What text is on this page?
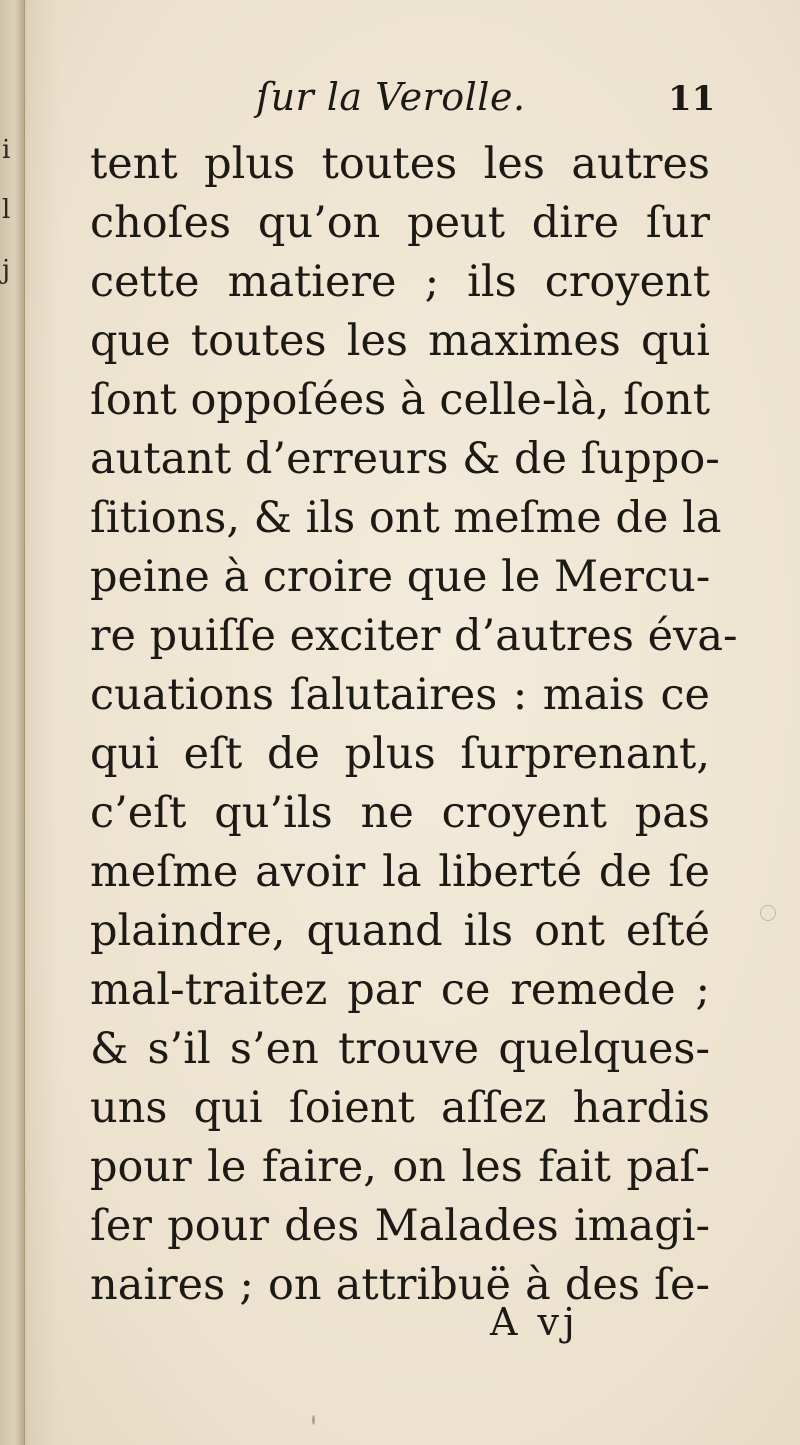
i
l
j
ſur la Verolle.	11
tent plus toutes les autres
choſes qu’on peut dire ſur
cette matiere ; ils croyent
que toutes les maximes qui
ſont oppoſées à celle-là, ſont
autant d’erreurs & de ſuppo-
ſitions, & ils ont meſme de la
peine à croire que le Mercu-
re puiſſe exciter d’autres éva-
cuations ſalutaires : mais ce
qui eſt de plus ſurprenant,
c’eſt qu’ils ne croyent pas
meſme avoir la liberté de ſe
plaindre, quand ils ont eſté
mal-traitez par ce remede ;
& s’il s’en trouve quelques-
uns qui ſoient aſſez hardis
pour le faire, on les fait paſ-
ſer pour des Malades imagi-
naires ; on attribuë à des ſe-
A vj
